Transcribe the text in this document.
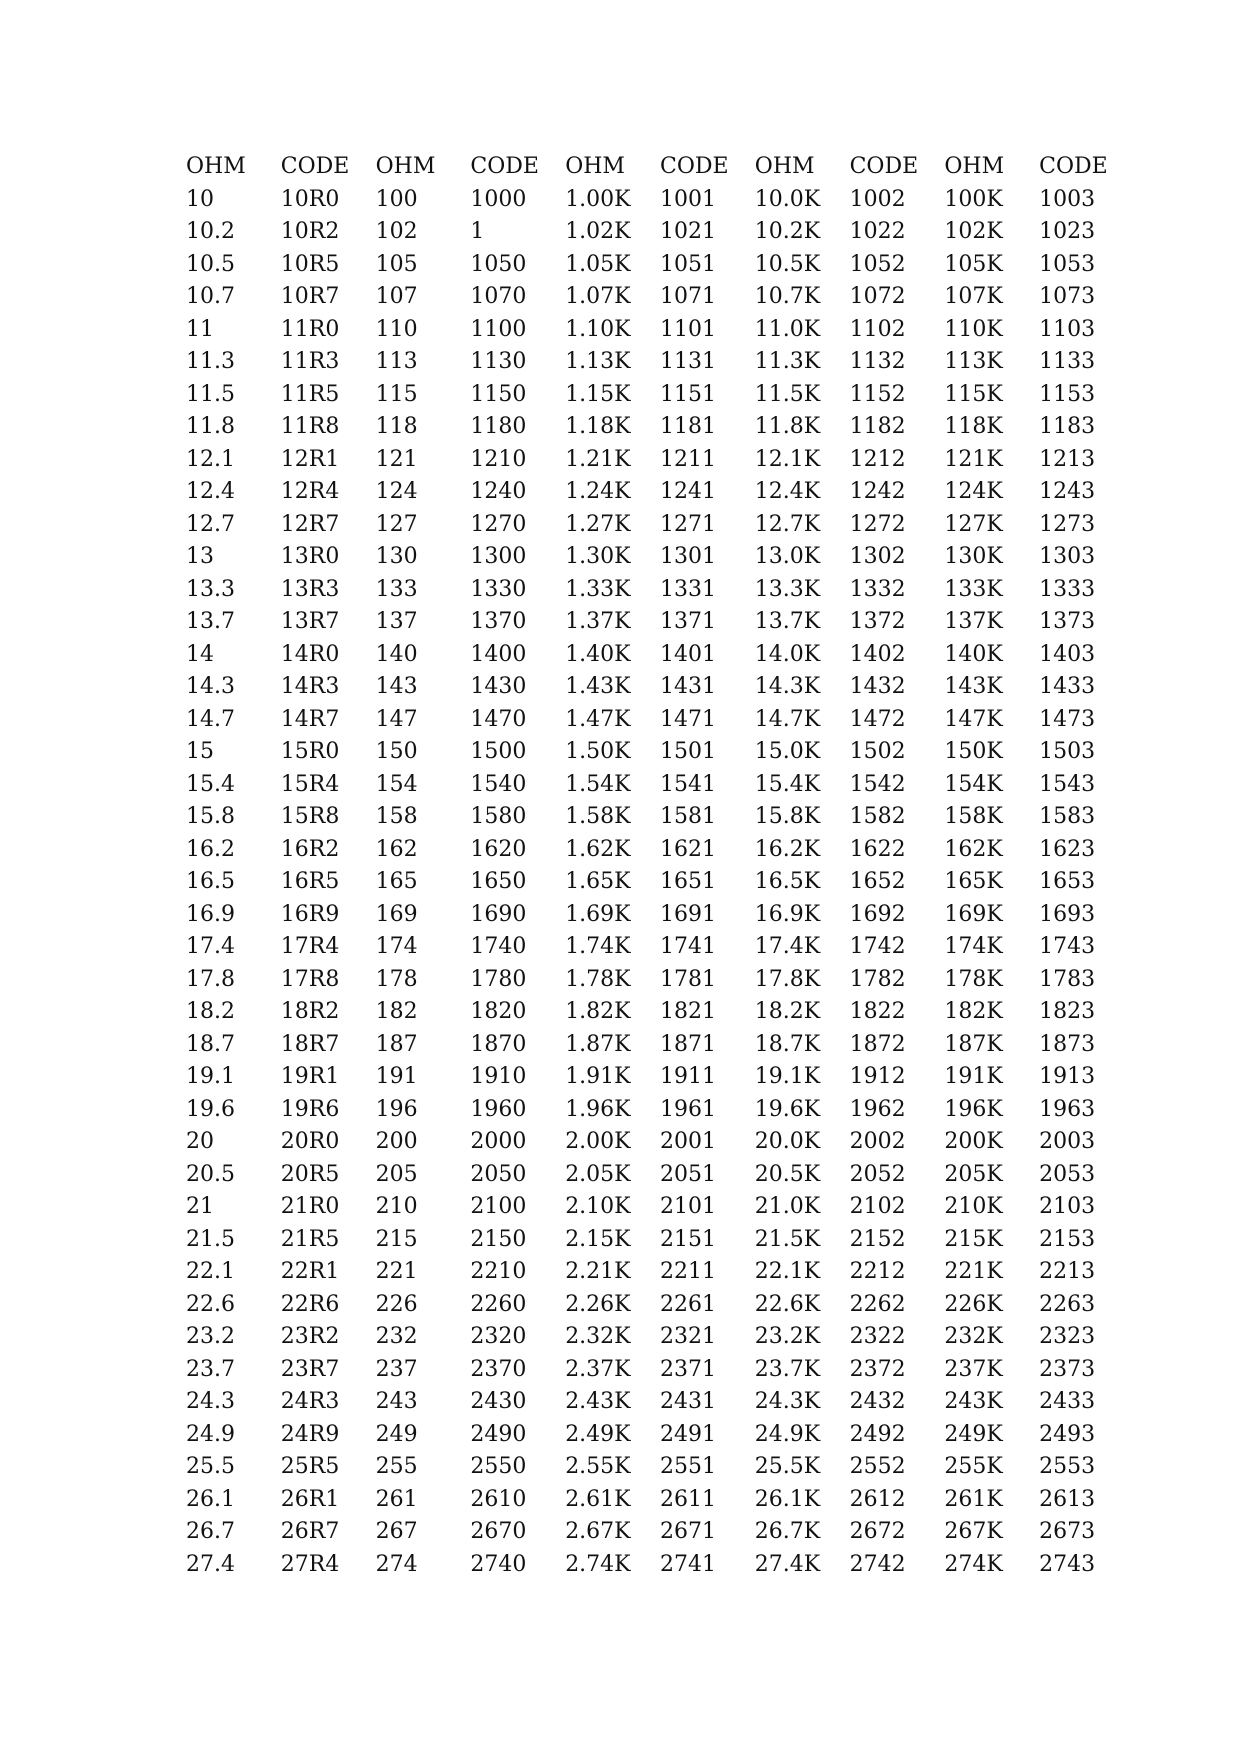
OHM	CODE	OHM	CODE	OHM	CODE	OHM	CODE	OHM	CODE
10	10R0	100	1000	1.00K	1001	10.0K	1002	100K	1003
10.2	10R2	102	1	1.02K	1021	10.2K	1022	102K	1023
10.5	10R5	105	1050	1.05K	1051	10.5K	1052	105K	1053
10.7	10R7	107	1070	1.07K	1071	10.7K	1072	107K	1073
11	11R0	110	1100	1.10K	1101	11.0K	1102	110K	1103
11.3	11R3	113	1130	1.13K	1131	11.3K	1132	113K	1133
11.5	11R5	115	1150	1.15K	1151	11.5K	1152	115K	1153
11.8	11R8	118	1180	1.18K	1181	11.8K	1182	118K	1183
12.1	12R1	121	1210	1.21K	1211	12.1K	1212	121K	1213
12.4	12R4	124	1240	1.24K	1241	12.4K	1242	124K	1243
12.7	12R7	127	1270	1.27K	1271	12.7K	1272	127K	1273
13	13R0	130	1300	1.30K	1301	13.0K	1302	130K	1303
13.3	13R3	133	1330	1.33K	1331	13.3K	1332	133K	1333
13.7	13R7	137	1370	1.37K	1371	13.7K	1372	137K	1373
14	14R0	140	1400	1.40K	1401	14.0K	1402	140K	1403
14.3	14R3	143	1430	1.43K	1431	14.3K	1432	143K	1433
14.7	14R7	147	1470	1.47K	1471	14.7K	1472	147K	1473
15	15R0	150	1500	1.50K	1501	15.0K	1502	150K	1503
15.4	15R4	154	1540	1.54K	1541	15.4K	1542	154K	1543
15.8	15R8	158	1580	1.58K	1581	15.8K	1582	158K	1583
16.2	16R2	162	1620	1.62K	1621	16.2K	1622	162K	1623
16.5	16R5	165	1650	1.65K	1651	16.5K	1652	165K	1653
16.9	16R9	169	1690	1.69K	1691	16.9K	1692	169K	1693
17.4	17R4	174	1740	1.74K	1741	17.4K	1742	174K	1743
17.8	17R8	178	1780	1.78K	1781	17.8K	1782	178K	1783
18.2	18R2	182	1820	1.82K	1821	18.2K	1822	182K	1823
18.7	18R7	187	1870	1.87K	1871	18.7K	1872	187K	1873
19.1	19R1	191	1910	1.91K	1911	19.1K	1912	191K	1913
19.6	19R6	196	1960	1.96K	1961	19.6K	1962	196K	1963
20	20R0	200	2000	2.00K	2001	20.0K	2002	200K	2003
20.5	20R5	205	2050	2.05K	2051	20.5K	2052	205K	2053
21	21R0	210	2100	2.10K	2101	21.0K	2102	210K	2103
21.5	21R5	215	2150	2.15K	2151	21.5K	2152	215K	2153
22.1	22R1	221	2210	2.21K	2211	22.1K	2212	221K	2213
22.6	22R6	226	2260	2.26K	2261	22.6K	2262	226K	2263
23.2	23R2	232	2320	2.32K	2321	23.2K	2322	232K	2323
23.7	23R7	237	2370	2.37K	2371	23.7K	2372	237K	2373
24.3	24R3	243	2430	2.43K	2431	24.3K	2432	243K	2433
24.9	24R9	249	2490	2.49K	2491	24.9K	2492	249K	2493
25.5	25R5	255	2550	2.55K	2551	25.5K	2552	255K	2553
26.1	26R1	261	2610	2.61K	2611	26.1K	2612	261K	2613
26.7	26R7	267	2670	2.67K	2671	26.7K	2672	267K	2673
27.4	27R4	274	2740	2.74K	2741	27.4K	2742	274K	2743
